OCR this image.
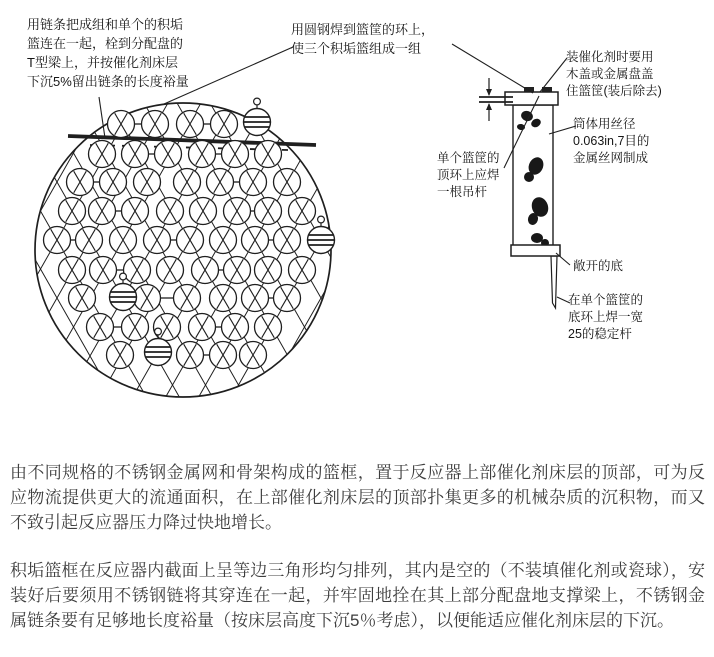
用链条把成组和单个的积垢
篮连在一起，栓到分配盘的
T型梁上，并按催化剂床层
下沉5%留出链条的长度裕量
用圆钢焊到篮筐的环上，
使三个积垢篮组成一组
装催化剂时要用
木盖或金属盘盖
住篮筐(装后除去)
筒体用丝径
0.063in,7目的
金属丝网制成
单个篮筐的
顶环上应焊
一根吊杆
敞开的底
在单个篮筐的
底环上焊一宽
25的稳定杆
由不同规格的不锈钢金属网和骨架构成的篮框，置于反应器上部催化剂床层的顶部，可为反应物流提供更大的流通面积，在上部催化剂床层的顶部扑集更多的机械杂质的沉积物，而又不致引起反应器压力降过快地增长。
积垢篮框在反应器内截面上呈等边三角形均匀排列，其内是空的（不装填催化剂或瓷球），安装好后要须用不锈钢链将其穿连在一起，并牢固地拴在其上部分配盘地支撑梁上，不锈钢金属链条要有足够地长度裕量（按床层高度下沉5％考虑），以便能适应催化剂床层的下沉。
